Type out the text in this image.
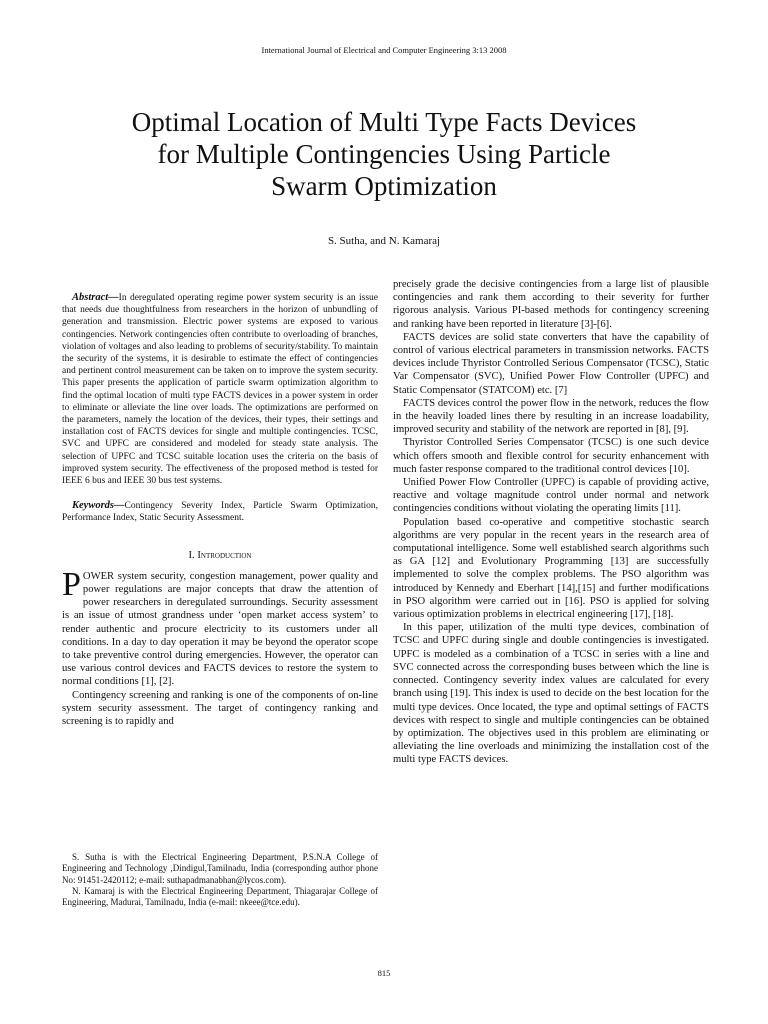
International Journal of Electrical and Computer Engineering 3:13 2008
Optimal Location of Multi Type Facts Devices
for Multiple Contingencies Using Particle
Swarm Optimization
S. Sutha, and N. Kamaraj

Abstract—In deregulated operating regime power system security is an issue that needs due thoughtfulness from researchers in the horizon of unbundling of generation and transmission. Electric power systems are exposed to various contingencies. Network contingencies often contribute to overloading of branches, violation of voltages and also leading to problems of security/stability. To maintain the security of the systems, it is desirable to estimate the effect of contingencies and pertinent control measurement can be taken on to improve the system security. This paper presents the application of particle swarm optimization algorithm to find the optimal location of multi type FACTS devices in a power system in order to eliminate or alleviate the line over loads. The optimizations are performed on the parameters, namely the location of the devices, their types, their settings and installation cost of FACTS devices for single and multiple contingencies. TCSC, SVC and UPFC are considered and modeled for steady state analysis. The selection of UPFC and TCSC suitable location uses the criteria on the basis of improved system security. The effectiveness of the proposed method is tested for IEEE 6 bus and IEEE 30 bus test systems.

Keywords—Contingency Severity Index, Particle Swarm Optimization, Performance Index, Static Security Assessment.

I. Introduction

POWER system security, congestion management, power quality and power regulations are major concepts that draw the attention of power researchers in deregulated surroundings. Security assessment is an issue of utmost grandness under ‘open market access system’ to render authentic and procure electricity to its customers under all conditions. In a day to day operation it may be beyond the operator scope to take preventive control during emergencies. However, the operator can use various control devices and FACTS devices to restore the system to normal conditions [1], [2].

Contingency screening and ranking is one of the components of on-line system security assessment. The target of contingency ranking and screening is to rapidly and

S. Sutha is with the Electrical Engineering Department, P.S.N.A College of Engineering and Technology ,Dindigul,Tamilnadu, India (corresponding author phone No: 91451-2420112; e-mail: suthapadmanabhan@lycos.com).

N. Kamaraj is with the Electrical Engineering Department, Thiagarajar College of Engineering, Madurai, Tamilnadu, India (e-mail: nkeee@tce.edu).

precisely grade the decisive contingencies from a large list of plausible contingencies and rank them according to their severity for further rigorous analysis. Various PI-based methods for contingency screening and ranking have been reported in literature [3]-[6].

FACTS devices are solid state converters that have the capability of control of various electrical parameters in transmission networks. FACTS devices include Thyristor Controlled Serious Compensator (TCSC), Static Var Compensator (SVC), Unified Power Flow Controller (UPFC) and Static Compensator (STATCOM) etc. [7]

FACTS devices control the power flow in the network, reduces the flow in the heavily loaded lines there by resulting in an increase loadability, improved security and stability of the network are reported in [8], [9].

Thyristor Controlled Series Compensator (TCSC) is one such device which offers smooth and flexible control for security enhancement with much faster response compared to the traditional control devices [10].

Unified Power Flow Controller (UPFC) is capable of providing active, reactive and voltage magnitude control under normal and network contingencies conditions without violating the operating limits [11].

Population based co-operative and competitive stochastic search algorithms are very popular in the recent years in the research area of computational intelligence. Some well established search algorithms such as GA [12] and Evolutionary Programming [13] are successfully implemented to solve the complex problems. The PSO algorithm was introduced by Kennedy and Eberhart [14],[15] and further modifications in PSO algorithm were carried out in [16]. PSO is applied for solving various optimization problems in electrical engineering [17], [18].

In this paper, utilization of the multi type devices, combination of TCSC and UPFC during single and double contingencies is investigated. UPFC is modeled as a combination of a TCSC in series with a line and SVC connected across the corresponding buses between which the line is connected. Contingency severity index values are calculated for every branch using [19]. This index is used to decide on the best location for the multi type devices. Once located, the type and optimal settings of FACTS devices with respect to single and multiple contingencies can be obtained by optimization. The objectives used in this problem are eliminating or alleviating the line overloads and minimizing the installation cost of the multi type FACTS devices.

815
